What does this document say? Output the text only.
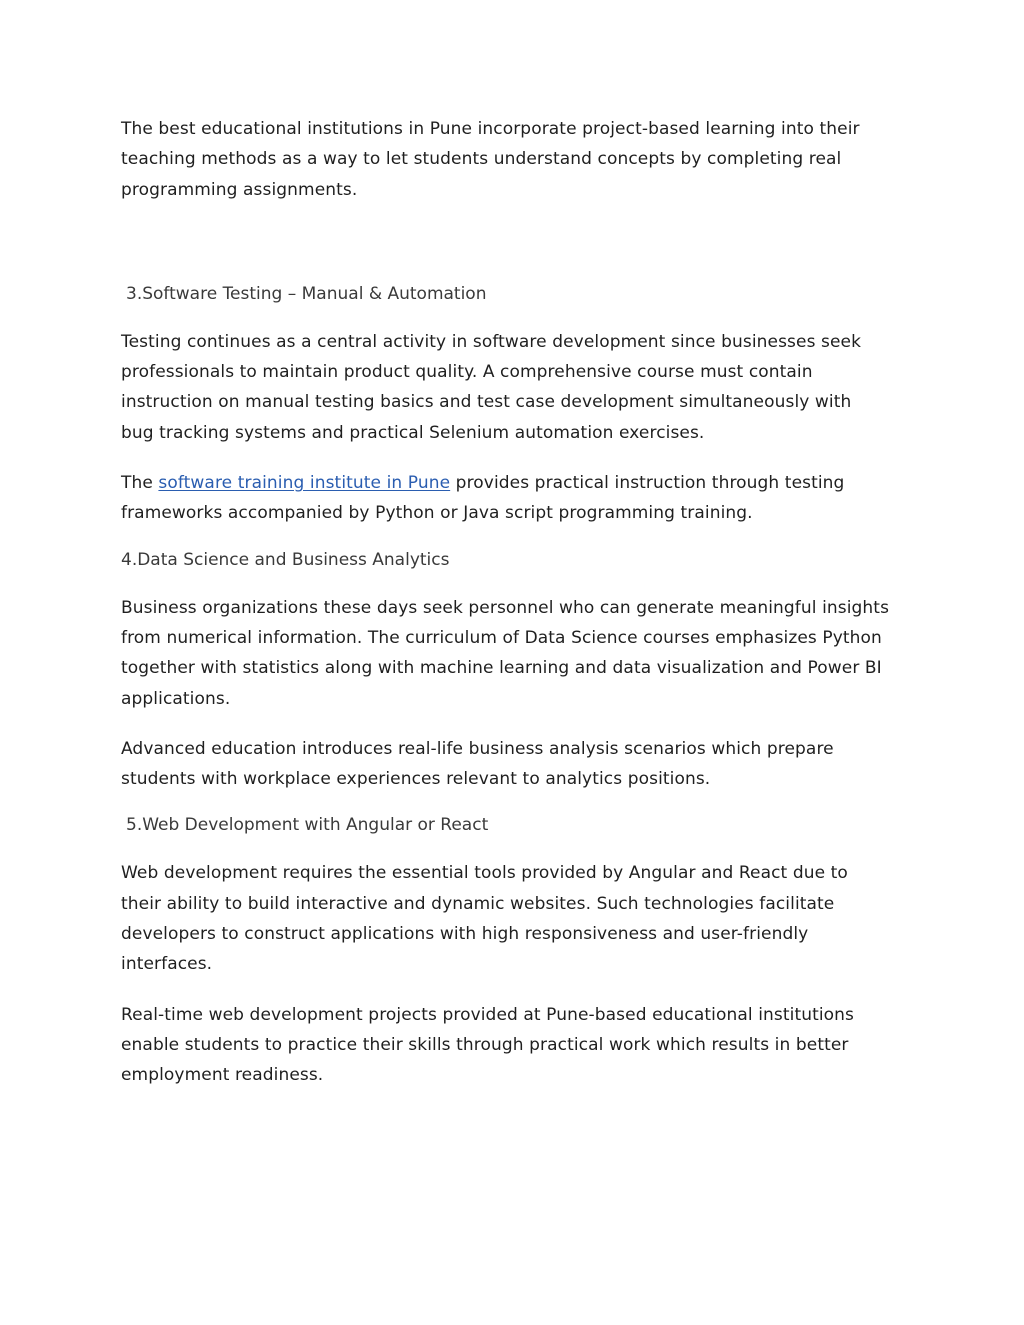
The best educational institutions in Pune incorporate project-based learning into their
teaching methods as a way to let students understand concepts by completing real
programming assignments.

3.Software Testing – Manual & Automation

Testing continues as a central activity in software development since businesses seek
professionals to maintain product quality. A comprehensive course must contain
instruction on manual testing basics and test case development simultaneously with
bug tracking systems and practical Selenium automation exercises.

The software training institute in Pune provides practical instruction through testing
frameworks accompanied by Python or Java script programming training.

4.Data Science and Business Analytics

Business organizations these days seek personnel who can generate meaningful insights
from numerical information. The curriculum of Data Science courses emphasizes Python
together with statistics along with machine learning and data visualization and Power BI
applications.

Advanced education introduces real-life business analysis scenarios which prepare
students with workplace experiences relevant to analytics positions.

5.Web Development with Angular or React

Web development requires the essential tools provided by Angular and React due to
their ability to build interactive and dynamic websites. Such technologies facilitate
developers to construct applications with high responsiveness and user-friendly
interfaces.

Real-time web development projects provided at Pune-based educational institutions
enable students to practice their skills through practical work which results in better
employment readiness.
